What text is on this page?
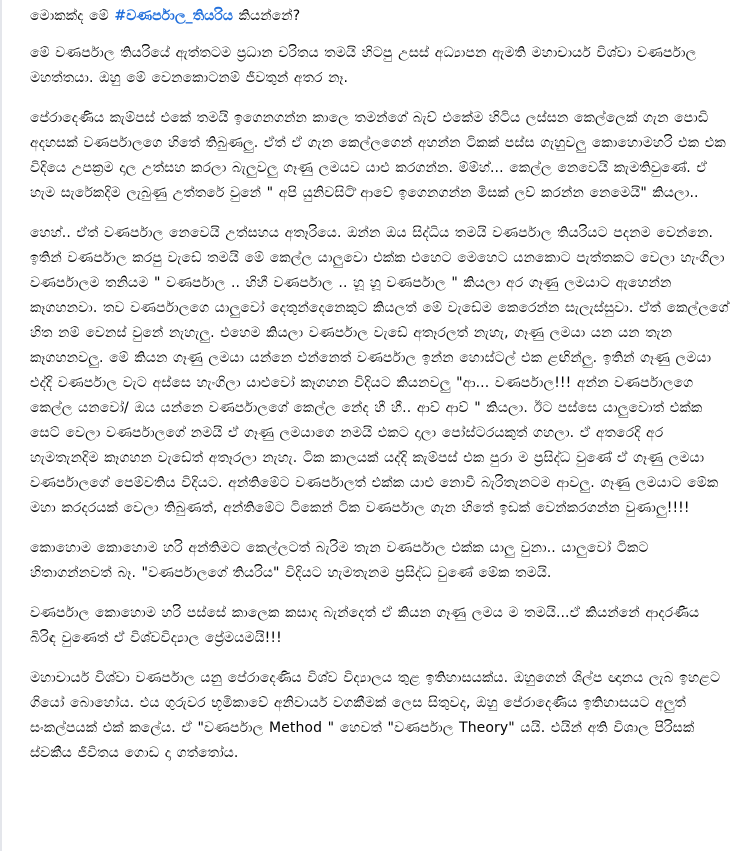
මොකක්ද මේ #වණර්පාල_තියරිය කියන්නේ?

මේ වණර්පාල තියරියේ ඇත්තටම ප්‍රධාන චරිතය තමයි හිටපු උසස් අධ්‍යාපන ඇමති මහාචාර්ය විශ්වා වණර්පාල මහත්තයා. ඔහු මේ වෙනකොටනම් ජීවතුන් අතර නෑ.

පේරාදෙණිය කැම්පස් එකේ තමයි ඉගෙනගන්න කාලෙ තමන්ගේ බැච් එකේම හිටිය ලස්සන කෙල්ලෙක් ගැන පොඩි අදහසක් වණර්පාලගෙ හිතේ තිබුණලු. ඒත් ඒ ගැන කෙල්ලගෙන් අහන්න ටිකක් පස්ස ගැහුවලු කොහොමහරි එක එක විදියෙ උපක්‍රම දාල උත්සහ කරලා බැලුවලු ගෑණු ලමයව යාළු කරගන්න. ම්ම්හ්... කෙල්ල නෙවෙයි කැමතිවුණේ. ඒ හැම සැරේකදිම ලැබුණු උත්තරේ වුනේ " අපි යුනිවසිටි්‍ ආවේ ඉගෙනගන්න මිසක් ලව් කරන්න නෙමෙයි" කියලා..

හෙහ්.. ඒත් වණර්පාල නෙවෙයි උත්සහය අතෑරියෙ. ඔන්න ඔය සිද්ධිය තමයි වණර්පාල තියරියට පදනම වෙන්නෙ. ඉතින් වණර්පාල කරපු වැඩේ තමයි මේ කෙල්ල යාලුවො එක්ක එහෙට මෙහෙට යනකොට පැත්තකට වෙලා හැංගිලා වණර්පාලම තනියම " වණර්පාල .. හිහී වණර්පාල .. හූ හූ වණර්පාල " කියලා අර ගෑණු ලමයාට ඇහෙන්න කෑගහනවා. තව වණර්පාලගෙ යාලුවෝ දෙතුන්දෙනෙකුට කියලත් මේ වැඩේම කෙරෙන්න සැලැස්සුවා. ඒත් කෙල්ලගේ හිත නම් වෙනස් වුනේ නැහැලු. එහෙම කියලා වණර්පාල වැඩේ අතෑරලත් නැහැ, ගෑණු ලමයා යන යන තැන කෑගහනවලු. මේ කියන ගෑණු ලමයා යන්නෙ එන්නෙත් වණර්පාල ඉන්න හොස්ටල් එක ළඟින්ලු. ඉතින් ගෑණු ලමයා එද්දි වණර්පාල වැට අස්සෙ හැංගිලා යාළුවෝ කෑගහන විදියට කියනවලු "ආ... වණර්පාල!!! අන්න වණර්පාලගෙ කෙල්ල යනවෝ/ ඔය යන්නෙ වණර්පාලගේ කෙල්ල නේද හී හී.. ආව් ආව් " කියලා. ඊට පස්සෙ යාලුවොත් එක්ක සෙට් වෙලා වණර්පාලගේ නමයි ඒ ගෑණු ලමයාගෙ නමයි එකට දාලා පෝස්ටරයකුත් ගහලා. ඒ අතරෙදි අර හැමතැනදිම කෑගහන වැඩේත් අතෑරලා නැහැ. ටික කාලයක් යද්දි කැම්පස් එක පුරා ම ප්‍රසිද්ධ වුණේ ඒ ගෑණු ලමයා වණර්පාලගේ පෙම්වතිය විදියට. අන්තිමේට වණර්පාලත් එක්ක යාළු නොවී බැරිතැනටම ආවලු. ගෑණු ලමයාට මේක මහා කරදරයක් වෙලා තිබුණත්, අන්තිමේට ටිකෙන් ටික වණර්පාල ගැන හිතේ ඉඩක් වෙන්කරගන්න වුණාලු!!!!

කොහොම කොහොම හරි අන්තිමට කෙල්ලටත් බැරිම තැන වණර්පාල එක්ක යාලු වුනා.. යාලුවෝ ටිකට හිතාගන්නවත් බෑ. "වණර්පාලගේ තියරිය" විදියට හැමතැනම ප්‍රසිද්ධ වුණේ මේක තමයි.

වණර්පාල කොහොම හරි පස්සේ කාලෙක කසාද බැන්දෙත් ඒ කියන ගෑණු ලමය ම තමයි...ඒ කියන්නේ ආදරණීය බිරිඳ වුණෙත් ඒ විශ්වවිද්‍යාල ප්‍රේමයමයි!!!

මහාචාර්ය විශ්වා වණර්පාල යනු පේරාදෙණිය විශ්ව විද්‍යාලය තුළ ඉතිහාසයක්ය. ඔහුගෙන් ශිල්ප ඥානය ලැබ ඉහළට ගියෝ බොහෝය. එය ගුරුවර භූමිකාවේ අනිවාර්ය වගකීමක් ලෙස සිතුවද, ඔහු පේරාදෙණිය ඉතිහාසයට අලුත් සංකල්පයක් එක් කලේය. ඒ "වණර්පාල Method " හෙවත් "වණර්පාල Theory" යයි. එයින් අති විශාල පිරිසක් ස්වකීය ජීවිතය ගොඩ දා ගත්තෝය.
